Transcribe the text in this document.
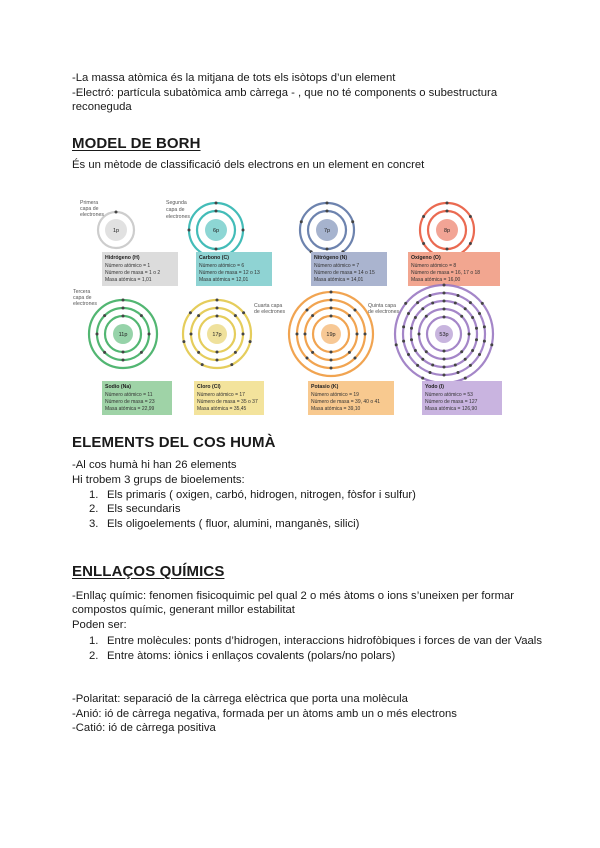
-La massa atòmica és la mitjana de tots els isòtops d’un element

-Electró: partícula subatòmica amb càrrega - , que no té components o subestructura reconeguda

MODEL DE BORH

És un mètode de classificació dels electrons en un element en concret

1p
Hidrógeno (H)
Número atómico = 1
Número de masa = 1 o 2
Masa atómica = 1,01
6p
Carbono (C)
Número atómico = 6
Número de masa = 12 o 13
Masa atómica = 12,01
7p
Nitrógeno (N)
Número atómico = 7
Número de masa = 14 o 15
Masa atómica = 14,01
8p
Oxígeno (O)
Número atómico = 8
Número de masa = 16, 17 o 18
Masa atómica = 16,00
11p
Sodio (Na)
Número atómico = 11
Número de masa = 23
Masa atómica = 22,99
17p
Cloro (Cl)
Número atómico = 17
Número de masa = 35 o 37
Masa atómica = 35,45
19p
Potasio (K)
Número atómico = 19
Número de masa = 39, 40 o 41
Masa atómica = 39,10
53p
Yodo (I)
Número atómico = 53
Número de masa = 127
Masa atómica = 126,90
Primera capa de electrones
Segunda capa de electrones
Tercera capa de electrones	Cuarta capa de electrones
Quinta capa de electrones
ELEMENTS DEL COS HUMÀ

-Al cos humà hi han 26 elements

Hi trobem 3 grups de bioelements:

1. Els primaris ( oxigen, carbó, hidrogen, nitrogen, fòsfor i sulfur)
2. Els secundaris
3. Els oligoelements ( fluor, alumini, manganès, silici)
ENLLAÇOS QUÍMICS

-Enllaç químic: fenomen fisicoquimic pel qual 2 o més àtoms o ions s’uneixen per formar compostos químic, generant millor estabilitat

Poden ser:

1. Entre molècules: ponts d’hidrogen, interaccions hidrofòbiques i forces de van der Vaals
2. Entre àtoms: iònics i enllaços covalents (polars/no polars)

-Polaritat: separació de la càrrega elèctrica que porta una molècula

-Anió: ió de càrrega negativa, formada per un àtoms amb un o més electrons

-Catió: ió de càrrega positiva
